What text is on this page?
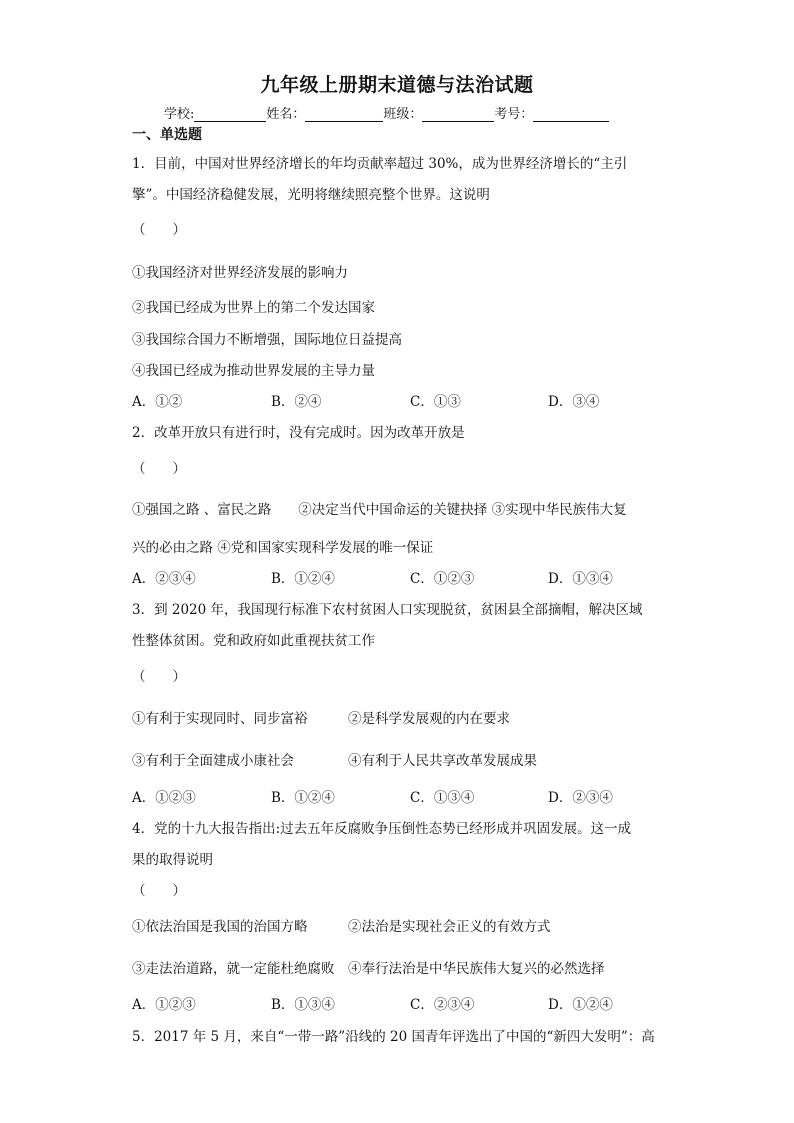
九年级上册期末道德与法治试题
学校:	姓名：	班级：	考号：
一、单选题
1．目前，中国对世界经济增长的年均贡献率超过 30%，成为世界经济增长的“主引
擎”。中国经济稳健发展，光明将继续照亮整个世界。这说明
（　　）
①我国经济对世界经济发展的影响力
②我国已经成为世界上的第二个发达国家
③我国综合国力不断增强，国际地位日益提高
④我国已经成为推动世界发展的主导力量
A．①②	B．②④	C．①③	D．③④
2．改革开放只有进行时，没有完成时。因为改革开放是
（　　）
①强国之路 、富民之路　　②决定当代中国命运的关键抉择 ③实现中华民族伟大复
兴的必由之路 ④党和国家实现科学发展的唯一保证
A．②③④	B．①②④	C．①②③	D．①③④
3．到 2020 年，我国现行标准下农村贫困人口实现脱贫，贫困县全部摘帽，解决区域
性整体贫困。党和政府如此重视扶贫工作
（　　）
①有利于实现同时、同步富裕　　　②是科学发展观的内在要求
③有利于全面建成小康社会　　　　④有利于人民共享改革发展成果
A．①②③	B．①②④	C．①③④	D．②③④
4．党的十九大报告指出:过去五年反腐败争压倒性态势已经形成并巩固发展。这一成
果的取得说明
（　　）
①依法治国是我国的治国方略　　　②法治是实现社会正义的有效方式
③走法治道路，就一定能杜绝腐败　④奉行法治是中华民族伟大复兴的必然选择
A．①②③	B．①③④	C．②③④	D．①②④
5．2017 年 5 月，来自“一带一路”沿线的 20 国青年评选出了中国的“新四大发明”：高
